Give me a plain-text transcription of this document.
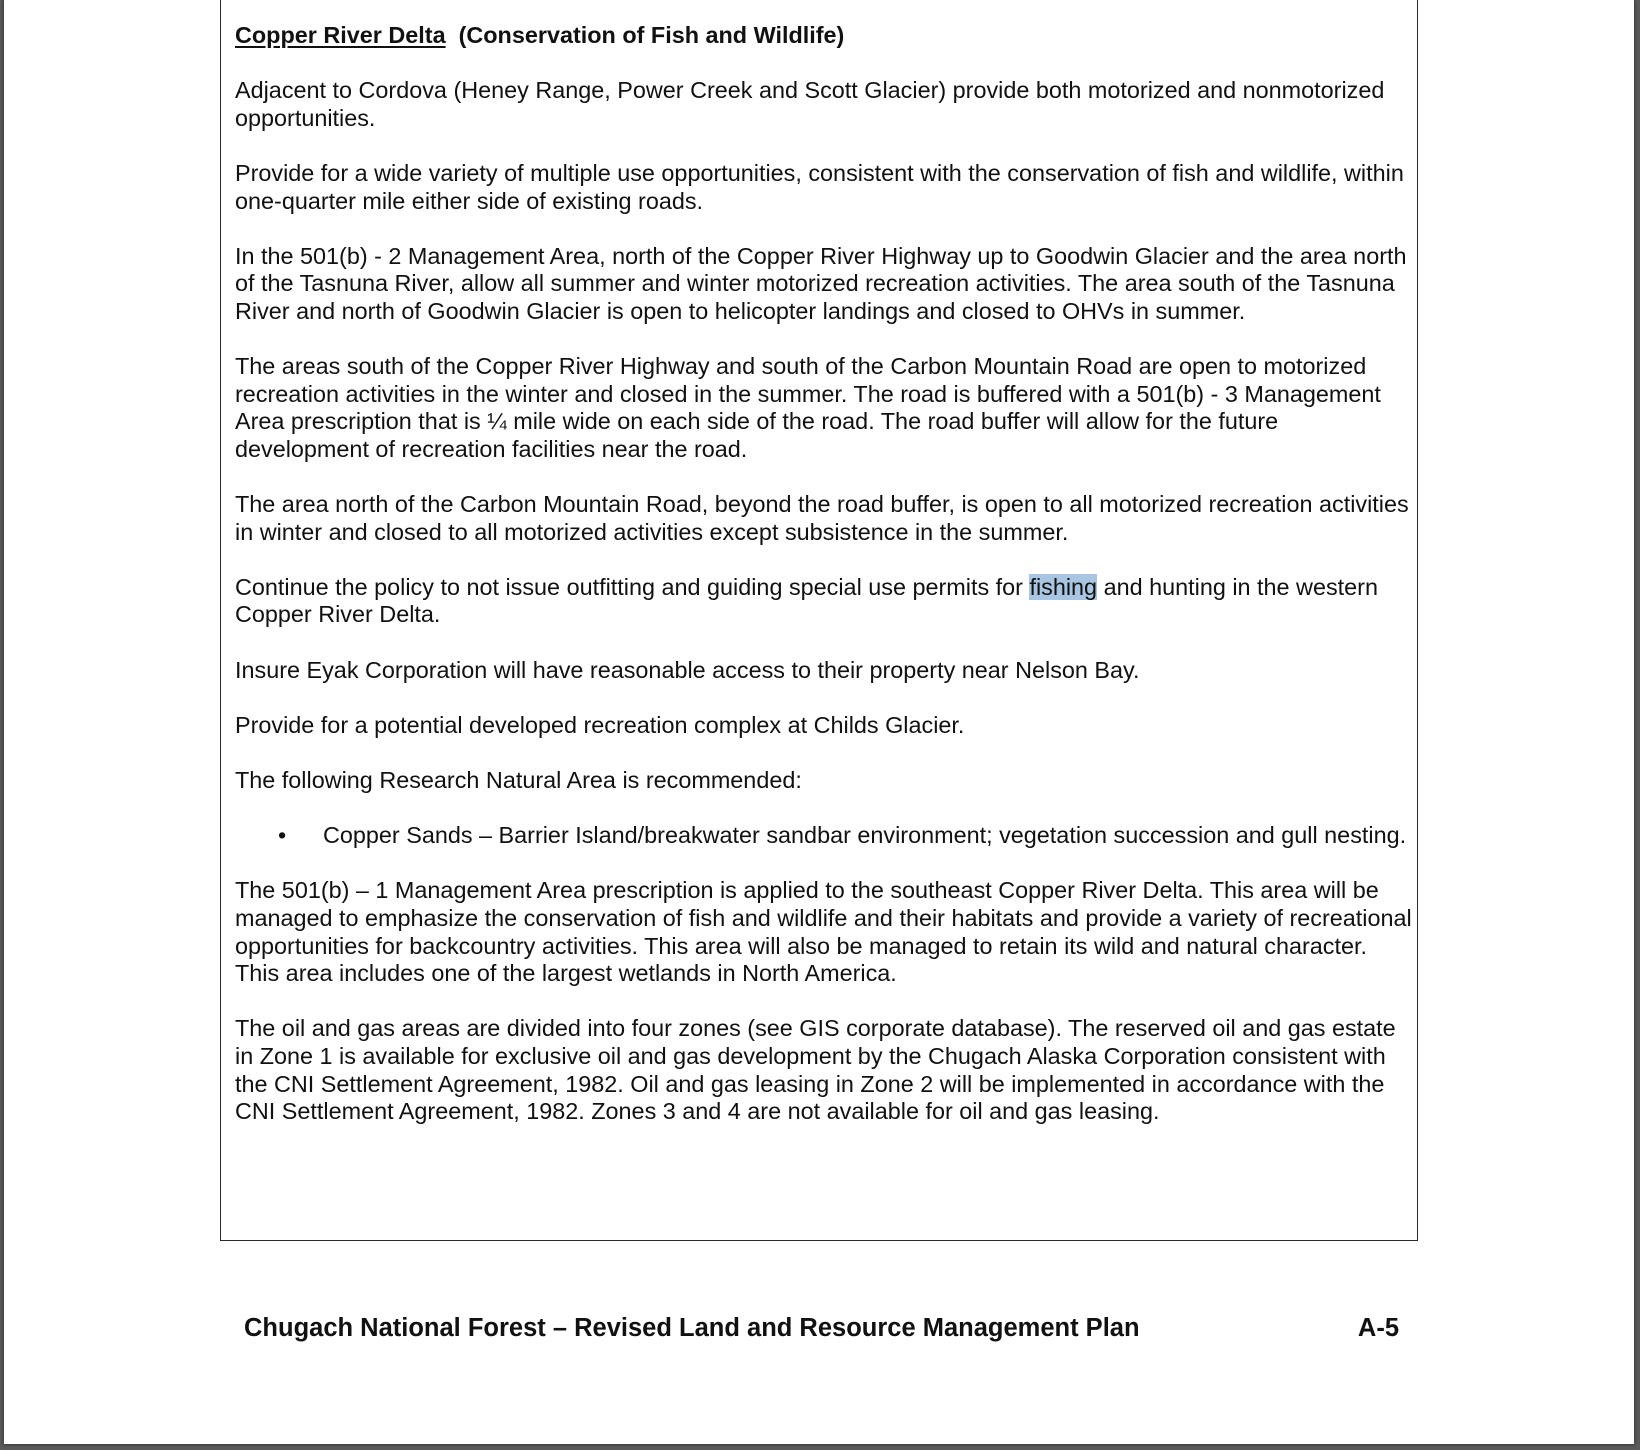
Copper River Delta (Conservation of Fish and Wildlife)

Adjacent to Cordova (Heney Range, Power Creek and Scott Glacier) provide both motorized and nonmotorized opportunities.

Provide for a wide variety of multiple use opportunities, consistent with the conservation of fish and wildlife, within one-quarter mile either side of existing roads.

In the 501(b) - 2 Management Area, north of the Copper River Highway up to Goodwin Glacier and the area north of the Tasnuna River, allow all summer and winter motorized recreation activities. The area south of the Tasnuna River and north of Goodwin Glacier is open to helicopter landings and closed to OHVs in summer.

The areas south of the Copper River Highway and south of the Carbon Mountain Road are open to motorized recreation activities in the winter and closed in the summer. The road is buffered with a 501(b) - 3 Management Area prescription that is ¼ mile wide on each side of the road. The road buffer will allow for the future development of recreation facilities near the road.

The area north of the Carbon Mountain Road, beyond the road buffer, is open to all motorized recreation activities in winter and closed to all motorized activities except subsistence in the summer.

Continue the policy to not issue outfitting and guiding special use permits for fishing and hunting in the western Copper River Delta.

Insure Eyak Corporation will have reasonable access to their property near Nelson Bay.

Provide for a potential developed recreation complex at Childs Glacier.

The following Research Natural Area is recommended:

• Copper Sands – Barrier Island/breakwater sandbar environment; vegetation succession and gull nesting.

The 501(b) – 1 Management Area prescription is applied to the southeast Copper River Delta. This area will be managed to emphasize the conservation of fish and wildlife and their habitats and provide a variety of recreational opportunities for backcountry activities. This area will also be managed to retain its wild and natural character. This area includes one of the largest wetlands in North America.

The oil and gas areas are divided into four zones (see GIS corporate database). The reserved oil and gas estate in Zone 1 is available for exclusive oil and gas development by the Chugach Alaska Corporation consistent with the CNI Settlement Agreement, 1982. Oil and gas leasing in Zone 2 will be implemented in accordance with the CNI Settlement Agreement, 1982. Zones 3 and 4 are not available for oil and gas leasing.

Chugach National Forest – Revised Land and Resource Management Plan	A-5
